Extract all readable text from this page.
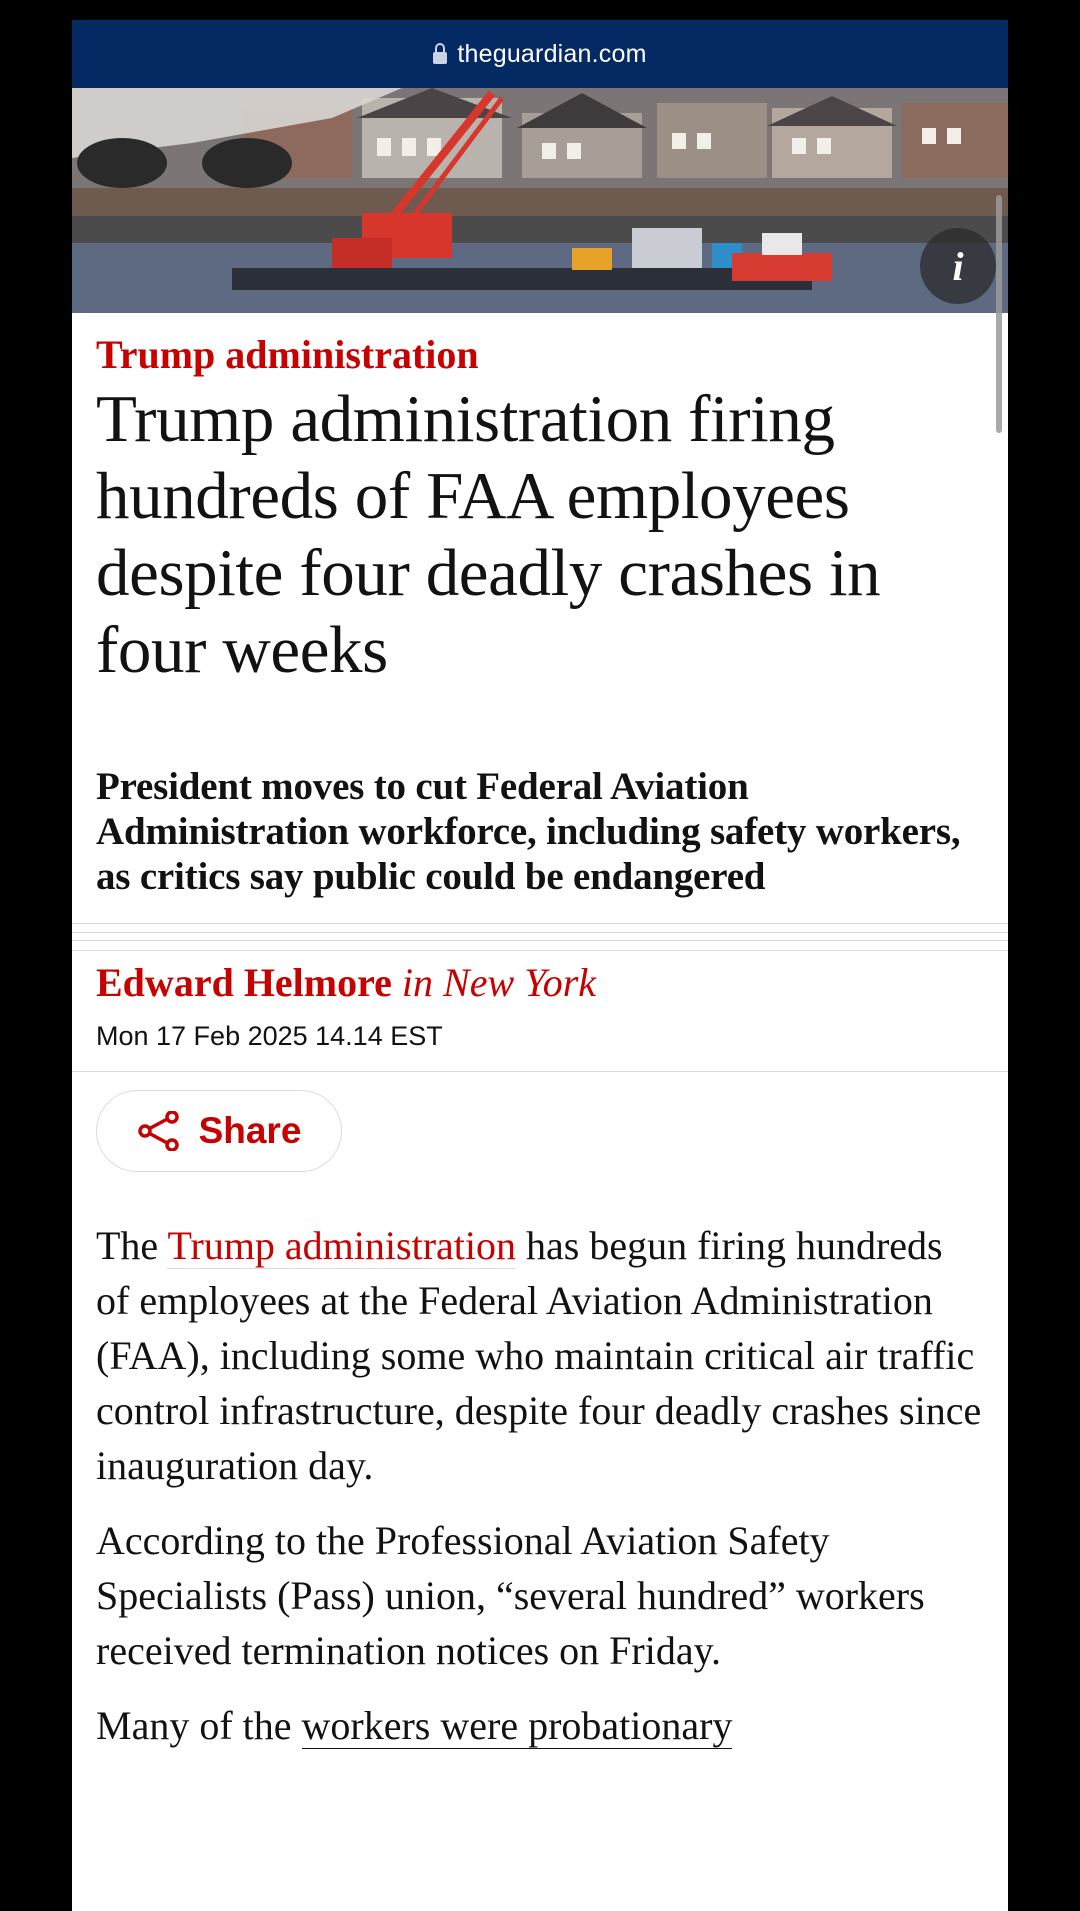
theguardian.com
i
Trump administration
Trump administration firing hundreds of FAA employees despite four deadly crashes in four weeks
President moves to cut Federal Aviation Administration workforce, including safety workers, as critics say public could be endangered
Edward Helmore in New York
Mon 17 Feb 2025 14.14 EST
Share

The Trump administration has begun firing hundreds of employees at the Federal Aviation Administration (FAA), including some who maintain critical air traffic control infrastructure, despite four deadly crashes since inauguration day.

According to the Professional Aviation Safety Specialists (Pass) union, “several hundred” workers received termination notices on Friday.

Many of the workers were probationary
